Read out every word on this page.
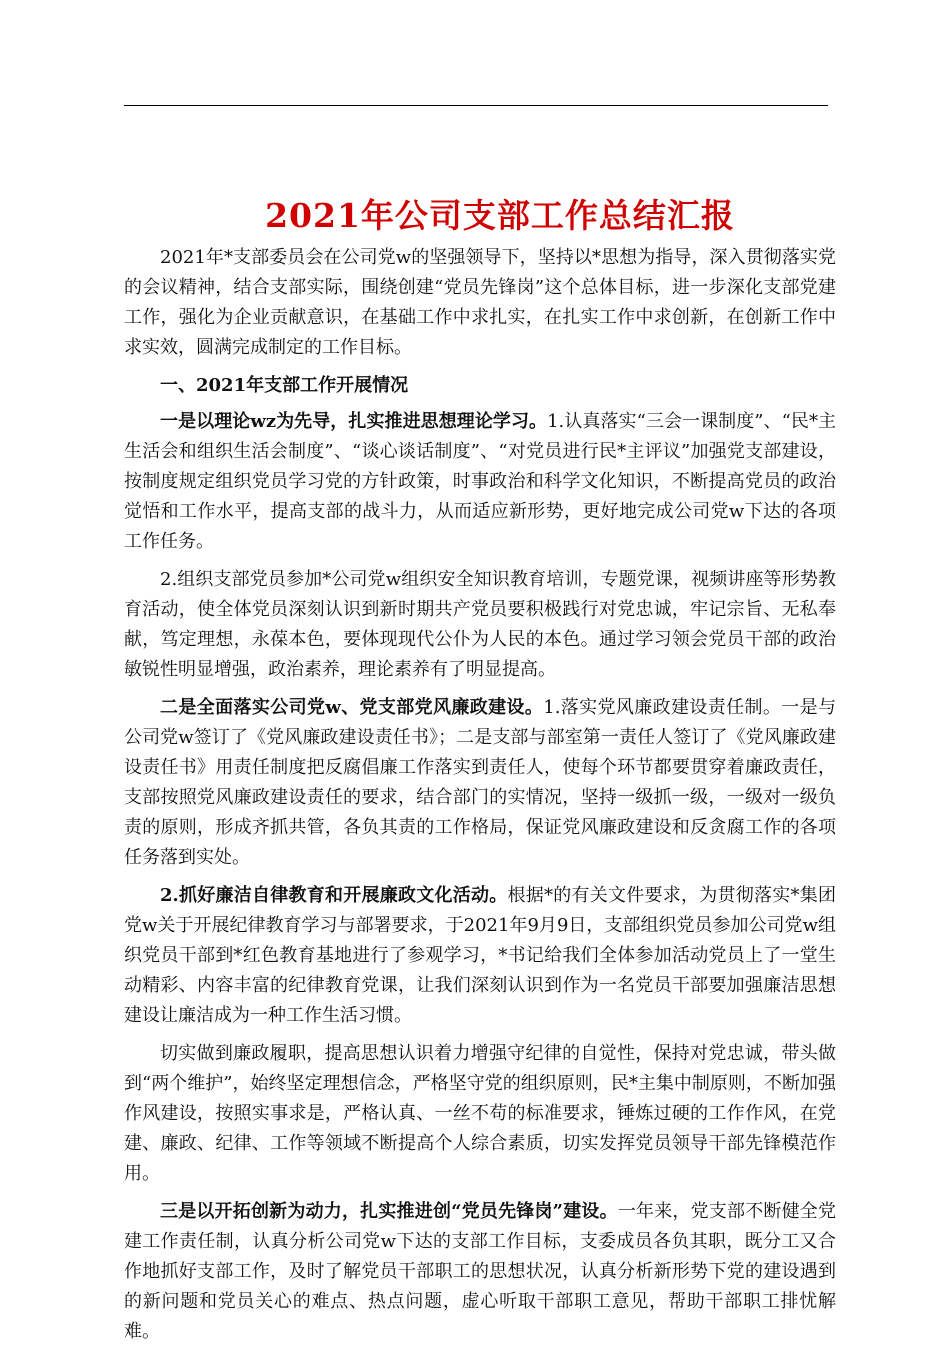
2021年公司支部工作总结汇报

2021年*支部委员会在公司党w的坚强领导下，坚持以*思想为指导，深入贯彻落实党的会议精神，结合支部实际，围绕创建“党员先锋岗”这个总体目标，进一步深化支部党建工作，强化为企业贡献意识，在基础工作中求扎实，在扎实工作中求创新，在创新工作中求实效，圆满完成制定的工作目标。

一、2021年支部工作开展情况

一是以理论wz为先导，扎实推进思想理论学习。1.认真落实“三会一课制度”、“民*主生活会和组织生活会制度”、“谈心谈话制度”、“对党员进行民*主评议”加强党支部建设，按制度规定组织党员学习党的方针政策，时事政治和科学文化知识，不断提高党员的政治觉悟和工作水平，提高支部的战斗力，从而适应新形势，更好地完成公司党w下达的各项工作任务。

2.组织支部党员参加*公司党w组织安全知识教育培训，专题党课，视频讲座等形势教育活动，使全体党员深刻认识到新时期共产党员要积极践行对党忠诚，牢记宗旨、无私奉献，笃定理想，永葆本色，要体现现代公仆为人民的本色。通过学习领会党员干部的政治敏锐性明显增强，政治素养，理论素养有了明显提高。

二是全面落实公司党w、党支部党风廉政建设。1.落实党风廉政建设责任制。一是与公司党w签订了《党风廉政建设责任书》；二是支部与部室第一责任人签订了《党风廉政建设责任书》用责任制度把反腐倡廉工作落实到责任人，使每个环节都要贯穿着廉政责任，支部按照党风廉政建设责任的要求，结合部门的实情况，坚持一级抓一级，一级对一级负责的原则，形成齐抓共管，各负其责的工作格局，保证党风廉政建设和反贪腐工作的各项任务落到实处。

2.抓好廉洁自律教育和开展廉政文化活动。根据*的有关文件要求，为贯彻落实*集团党w关于开展纪律教育学习与部署要求，于2021年9月9日，支部组织党员参加公司党w组织党员干部到*红色教育基地进行了参观学习，*书记给我们全体参加活动党员上了一堂生动精彩、内容丰富的纪律教育党课，让我们深刻认识到作为一名党员干部要加强廉洁思想建设让廉洁成为一种工作生活习惯。

切实做到廉政履职，提高思想认识着力增强守纪律的自觉性，保持对党忠诚，带头做到“两个维护”，始终坚定理想信念，严格坚守党的组织原则，民*主集中制原则，不断加强作风建设，按照实事求是，严格认真、一丝不苟的标准要求，锤炼过硬的工作作风，在党建、廉政、纪律、工作等领域不断提高个人综合素质，切实发挥党员领导干部先锋模范作用。

三是以开拓创新为动力，扎实推进创“党员先锋岗”建设。一年来，党支部不断健全党建工作责任制，认真分析公司党w下达的支部工作目标，支委成员各负其职，既分工又合作地抓好支部工作，及时了解党员干部职工的思想状况，认真分析新形势下党的建设遇到的新问题和党员关心的难点、热点问题，虚心听取干部职工意见，帮助干部职工排忧解难。
